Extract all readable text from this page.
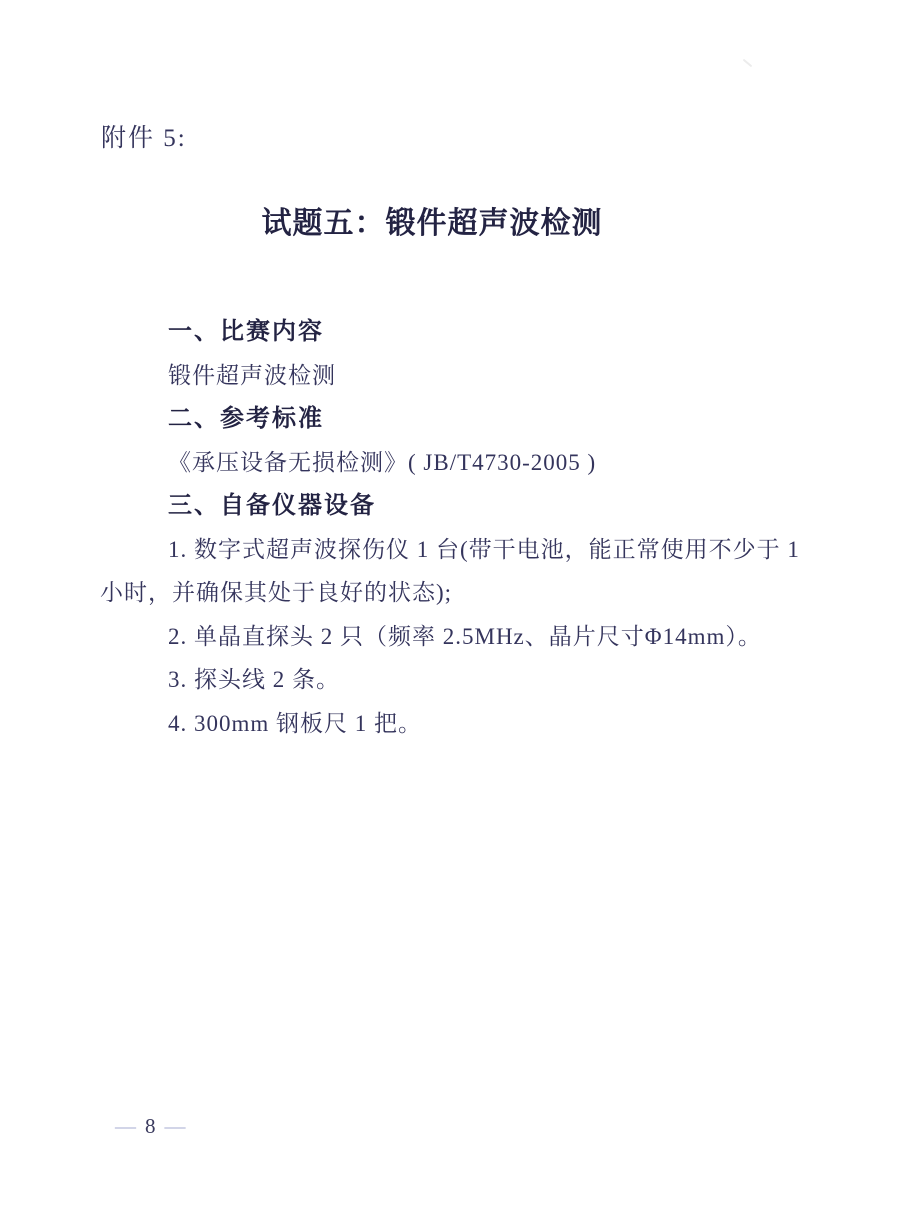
附件 5:
试题五：锻件超声波检测
一、比赛内容

锻件超声波检测

二、参考标准

《承压设备无损检测》( JB/T4730-2005 )

三、自备仪器设备

1. 数字式超声波探伤仪 1 台(带干电池，能正常使用不少于 1 小时，并确保其处于良好的状态);

2. 单晶直探头 2 只（频率 2.5MHz、晶片尺寸Φ14mm）。

3. 探头线 2 条。

4. 300mm 钢板尺 1 把。

— 8 —
